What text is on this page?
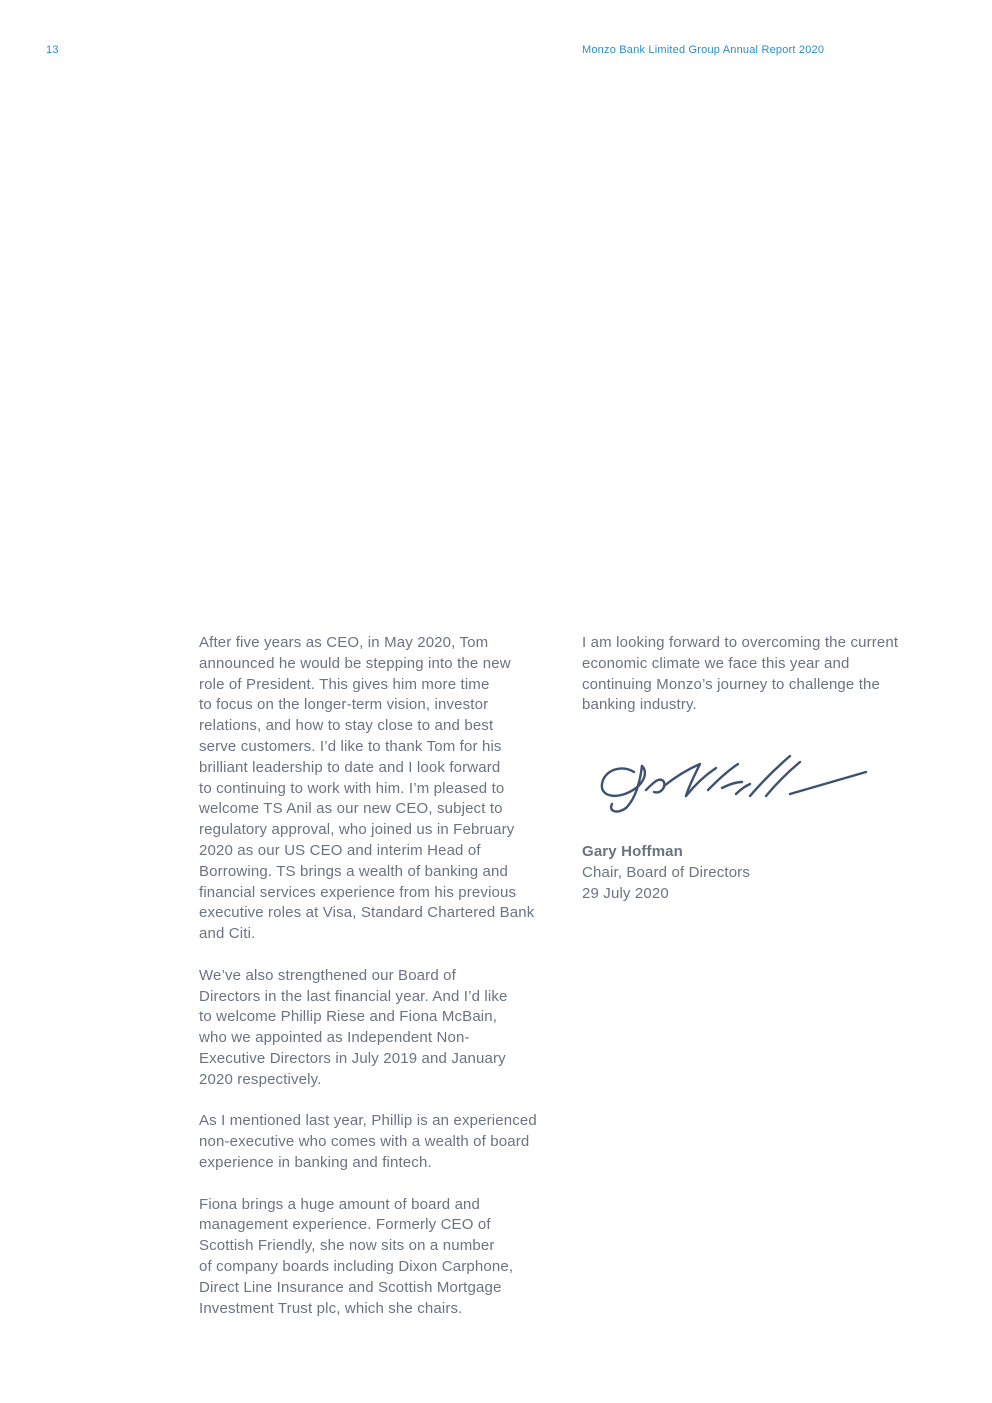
13	Monzo Bank Limited Group Annual Report 2020

After five years as CEO, in May 2020, Tom
announced he would be stepping into the new
role of President. This gives him more time
to focus on the longer-term vision, investor
relations, and how to stay close to and best
serve customers. I’d like to thank Tom for his
brilliant leadership to date and I look forward
to continuing to work with him. I’m pleased to
welcome TS Anil as our new CEO, subject to
regulatory approval, who joined us in February
2020 as our US CEO and interim Head of
Borrowing. TS brings a wealth of banking and
financial services experience from his previous
executive roles at Visa, Standard Chartered Bank
and Citi.

We’ve also strengthened our Board of
Directors in the last financial year. And I’d like
to welcome Phillip Riese and Fiona McBain,
who we appointed as Independent Non-
Executive Directors in July 2019 and January
2020 respectively.

As I mentioned last year, Phillip is an experienced
non-executive who comes with a wealth of board
experience in banking and fintech.

Fiona brings a huge amount of board and
management experience. Formerly CEO of
Scottish Friendly, she now sits on a number
of company boards including Dixon Carphone,
Direct Line Insurance and Scottish Mortgage
Investment Trust plc, which she chairs.

I am looking forward to overcoming the current
economic climate we face this year and
continuing Monzo’s journey to challenge the
banking industry.

Gary Hoffman
Chair, Board of Directors
29 July 2020
